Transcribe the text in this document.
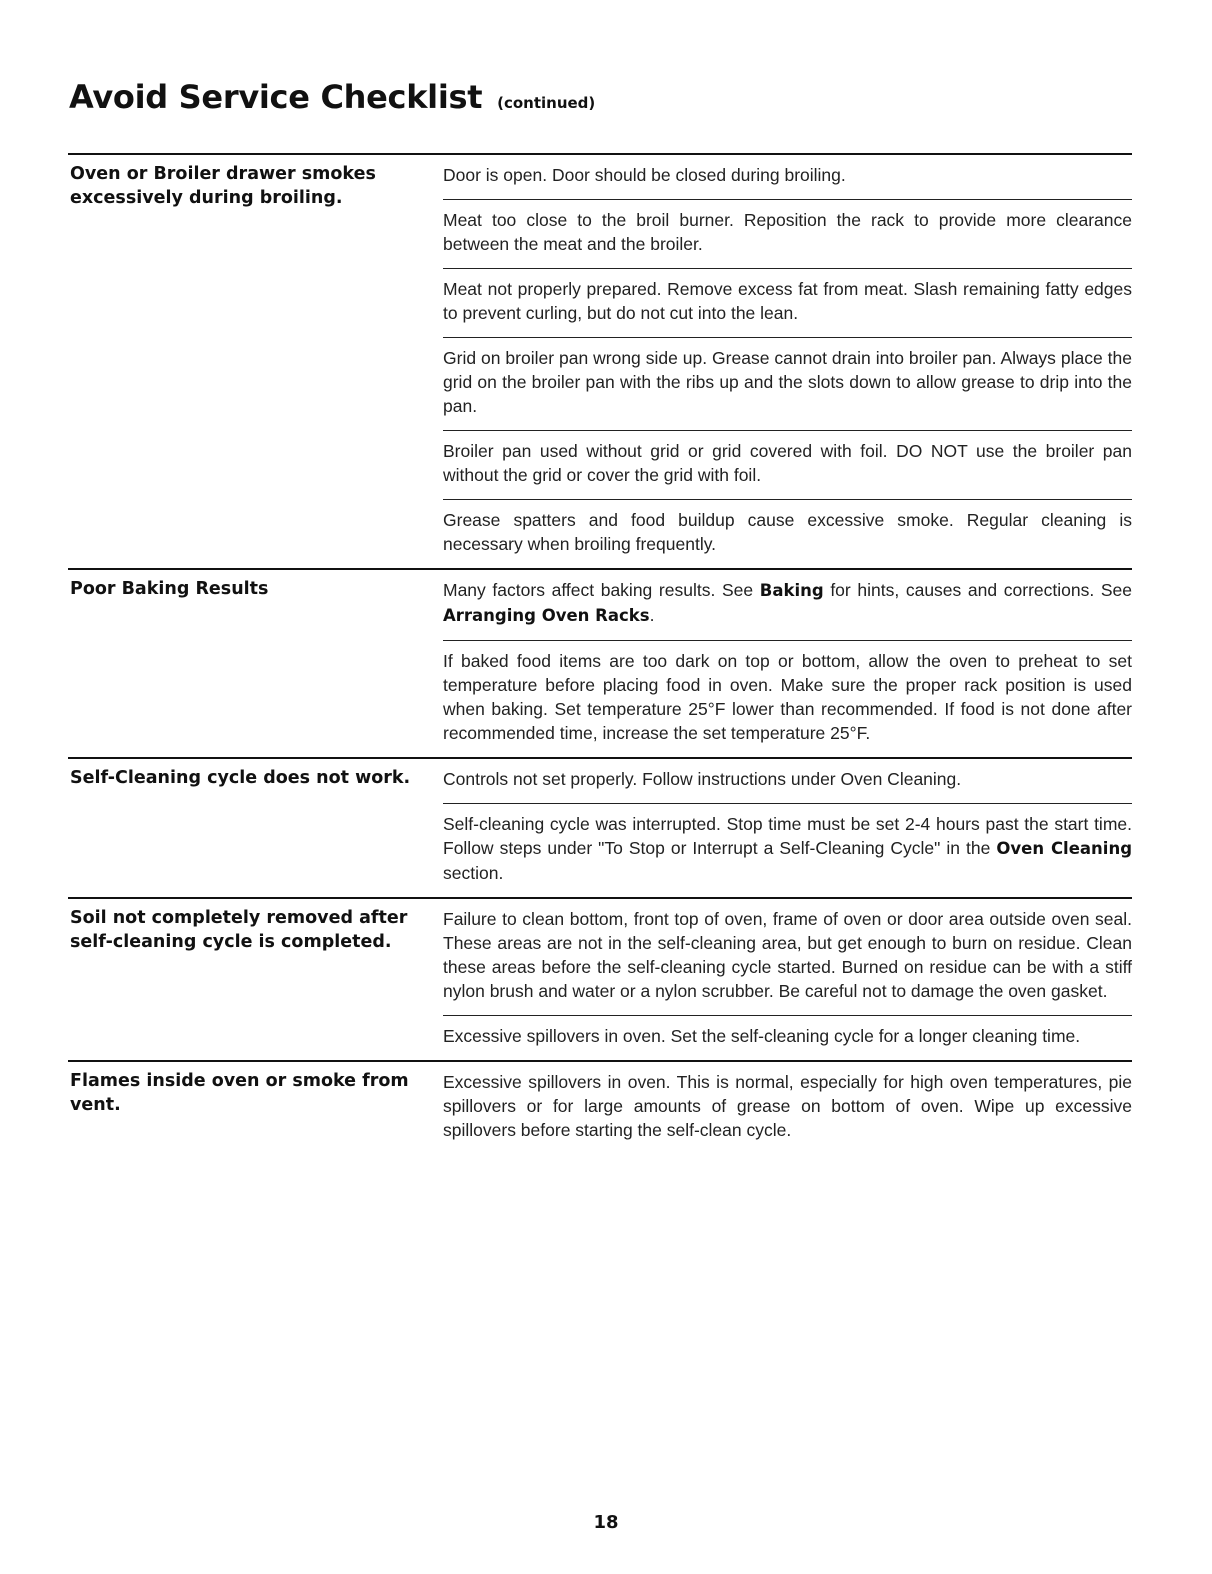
Avoid Service Checklist (continued)
Oven or Broiler drawer smokes excessively during broiling.
Door is open. Door should be closed during broiling.
Meat too close to the broil burner. Reposition the rack to provide more clearance between the meat and the broiler.
Meat not properly prepared. Remove excess fat from meat. Slash remaining fatty edges to prevent curling, but do not cut into the lean.
Grid on broiler pan wrong side up. Grease cannot drain into broiler pan. Always place the grid on the broiler pan with the ribs up and the slots down to allow grease to drip into the pan.
Broiler pan used without grid or grid covered with foil. DO NOT use the broiler pan without the grid or cover the grid with foil.
Grease spatters and food buildup cause excessive smoke. Regular cleaning is necessary when broiling frequently.
Poor Baking Results	Many factors affect baking results. See Baking for hints, causes and corrections. See Arranging Oven Racks.
If baked food items are too dark on top or bottom, allow the oven to preheat to set temperature before placing food in oven. Make sure the proper rack position is used when baking. Set temperature 25°F lower than recommended. If food is not done after recommended time, increase the set temperature 25°F.
Self-Cleaning cycle does not work.	Controls not set properly. Follow instructions under Oven Cleaning.
Self-cleaning cycle was interrupted. Stop time must be set 2-4 hours past the start time. Follow steps under "To Stop or Interrupt a Self-Cleaning Cycle" in the Oven Cleaning section.
Soil not completely removed after self-cleaning cycle is completed.
Failure to clean bottom, front top of oven, frame of oven or door area outside oven seal. These areas are not in the self-cleaning area, but get enough to burn on residue. Clean these areas before the self-cleaning cycle started. Burned on residue can be with a stiff nylon brush and water or a nylon scrubber. Be careful not to damage the oven gasket.
Excessive spillovers in oven. Set the self-cleaning cycle for a longer cleaning time.
Flames inside oven or smoke from vent.
Excessive spillovers in oven. This is normal, especially for high oven temperatures, pie spillovers or for large amounts of grease on bottom of oven. Wipe up excessive spillovers before starting the self-clean cycle.
18
